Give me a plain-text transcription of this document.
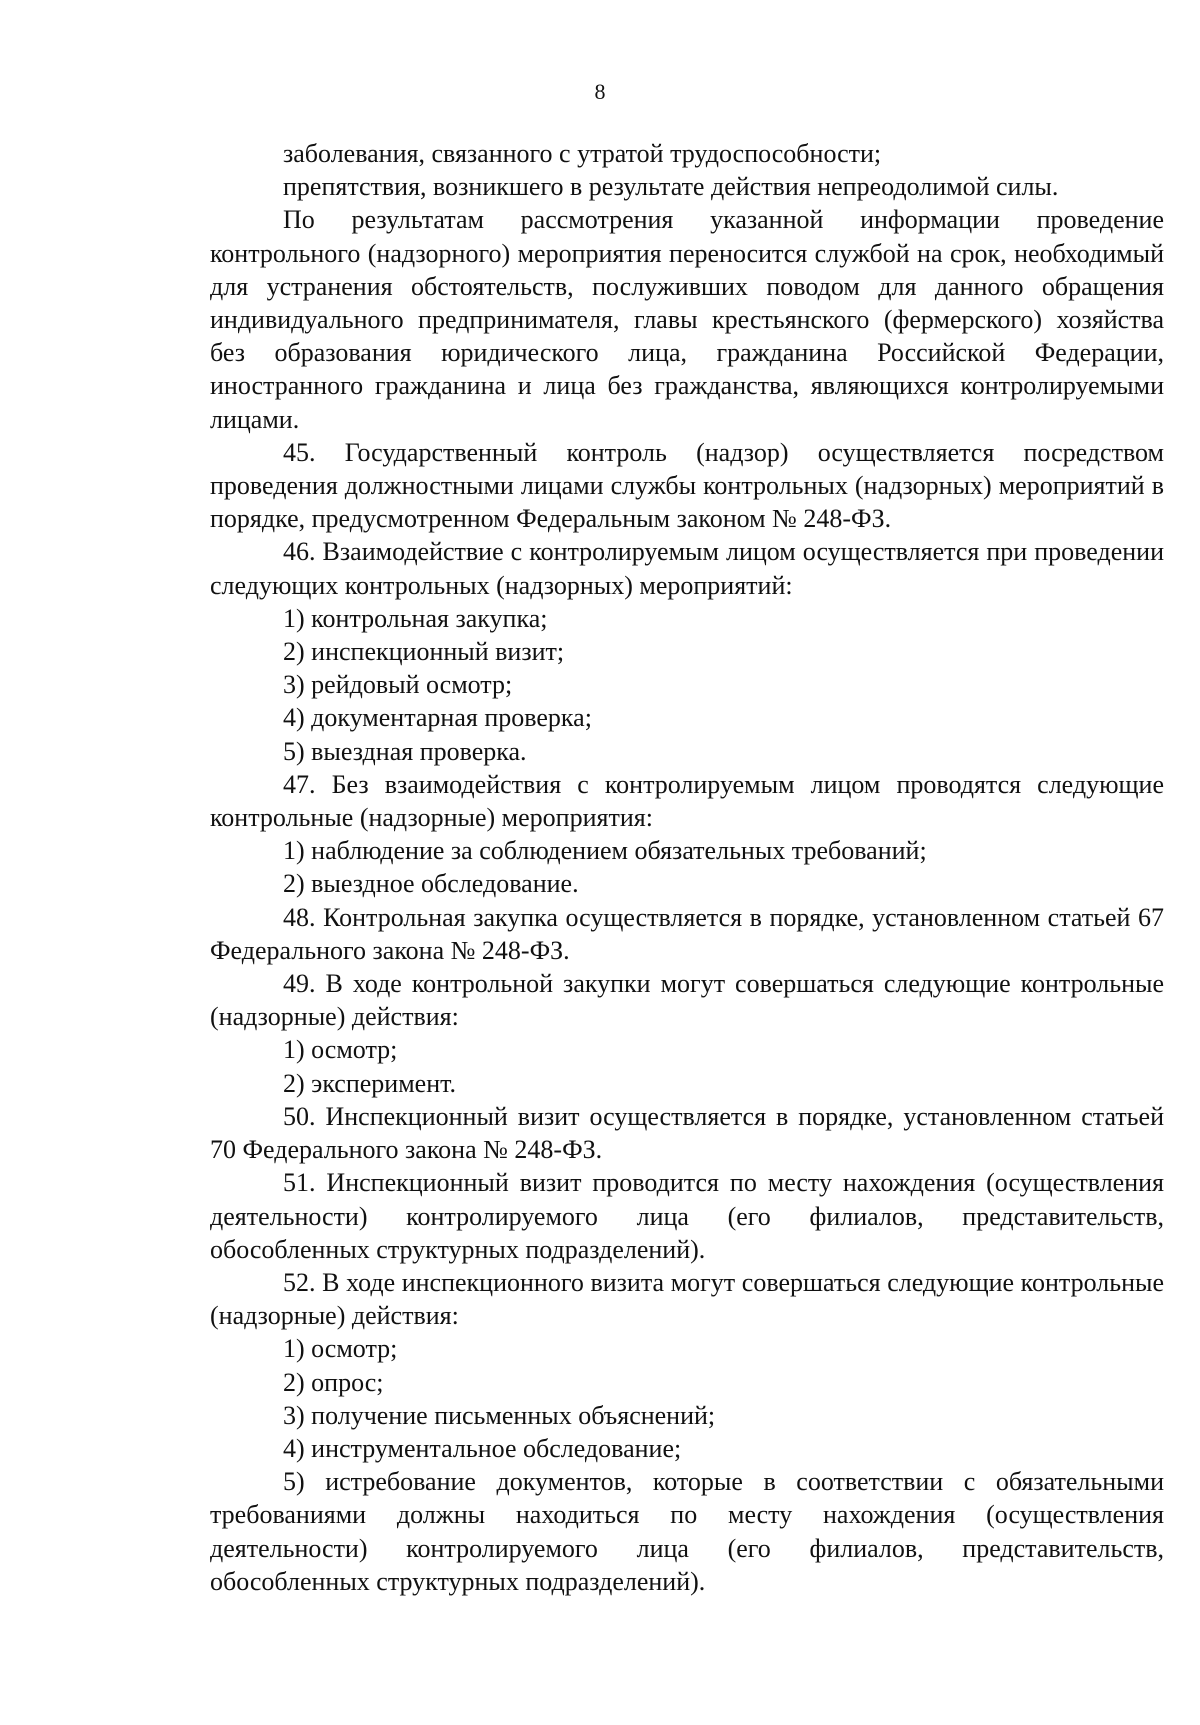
8

заболевания, связанного с утратой трудоспособности;

препятствия, возникшего в результате действия непреодолимой силы.

По результатам рассмотрения указанной информации проведение контрольного (надзорного) мероприятия переносится службой на срок, необходимый для устранения обстоятельств, послуживших поводом для данного обращения индивидуального предпринимателя, главы крестьянского (фермерского) хозяйства без образования юридического лица, гражданина Российской Федерации, иностранного гражданина и лица без гражданства, являющихся контролируемыми лицами.

45. Государственный контроль (надзор) осуществляется посредством проведения должностными лицами службы контрольных (надзорных) мероприятий в порядке, предусмотренном Федеральным законом № 248-ФЗ.

46. Взаимодействие с контролируемым лицом осуществляется при проведении следующих контрольных (надзорных) мероприятий:

1) контрольная закупка;

2) инспекционный визит;

3) рейдовый осмотр;

4) документарная проверка;

5) выездная проверка.

47. Без взаимодействия с контролируемым лицом проводятся следующие контрольные (надзорные) мероприятия:

1) наблюдение за соблюдением обязательных требований;

2) выездное обследование.

48. Контрольная закупка осуществляется в порядке, установленном статьей 67 Федерального закона № 248-ФЗ.

49. В ходе контрольной закупки могут совершаться следующие контрольные (надзорные) действия:

1) осмотр;

2) эксперимент.

50. Инспекционный визит осуществляется в порядке, установленном статьей 70 Федерального закона № 248-ФЗ.

51. Инспекционный визит проводится по месту нахождения (осуществления деятельности) контролируемого лица (его филиалов, представительств, обособленных структурных подразделений).

52. В ходе инспекционного визита могут совершаться следующие контрольные (надзорные) действия:

1) осмотр;

2) опрос;

3) получение письменных объяснений;

4) инструментальное обследование;

5) истребование документов, которые в соответствии с обязательными требованиями должны находиться по месту нахождения (осуществления деятельности) контролируемого лица (его филиалов, представительств, обособленных структурных подразделений).
